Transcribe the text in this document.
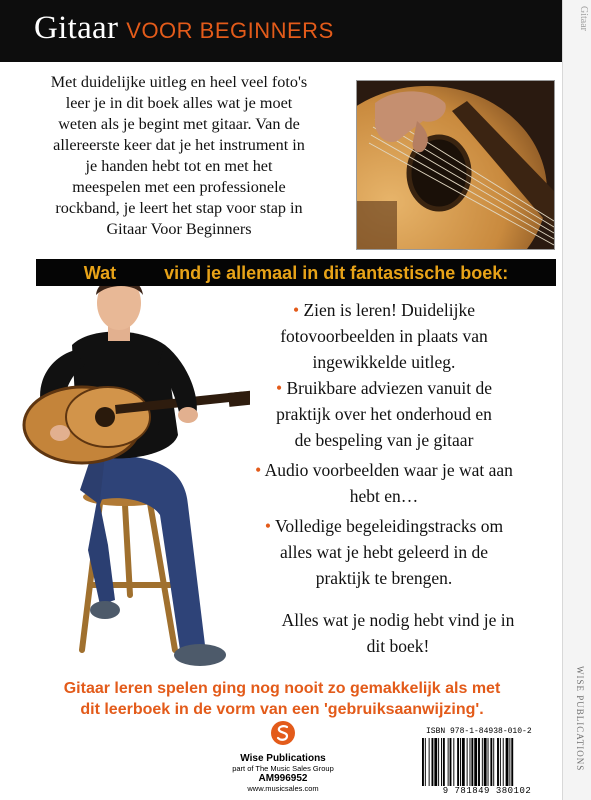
Gitaar VOOR BEGINNERS	Gitaar
WISE PUBLICATIONS
Met duidelijke uitleg en heel veel foto's
leer je in dit boek alles wat je moet
weten als je begint met gitaar. Van de
allereerste keer dat je het instrument in
je handen hebt tot en met het
meespelen met een professionele
rockband, je leert het stap voor stap in
Gitaar Voor Beginners
Wat	vind je allemaal in dit fantastische boek:
• Zien is leren! Duidelijke
fotovoorbeelden in plaats van
ingewikkelde uitleg.
• Bruikbare adviezen vanuit de
praktijk over het onderhoud en
de bespeling van je gitaar
• Audio voorbeelden waar je wat aan
hebt en…
• Volledige begeleidingstracks om
alles wat je hebt geleerd in de
praktijk te brengen.
Alles wat je nodig hebt vind je in
dit boek!
Gitaar leren spelen ging nog nooit zo gemakkelijk als met
dit leerboek in de vorm van een 'gebruiksaanwijzing'.
Wise Publications
part of The Music Sales Group
AM996952
www.musicsales.com
ISBN 978-1-84938-010-2
9 781849 380102
